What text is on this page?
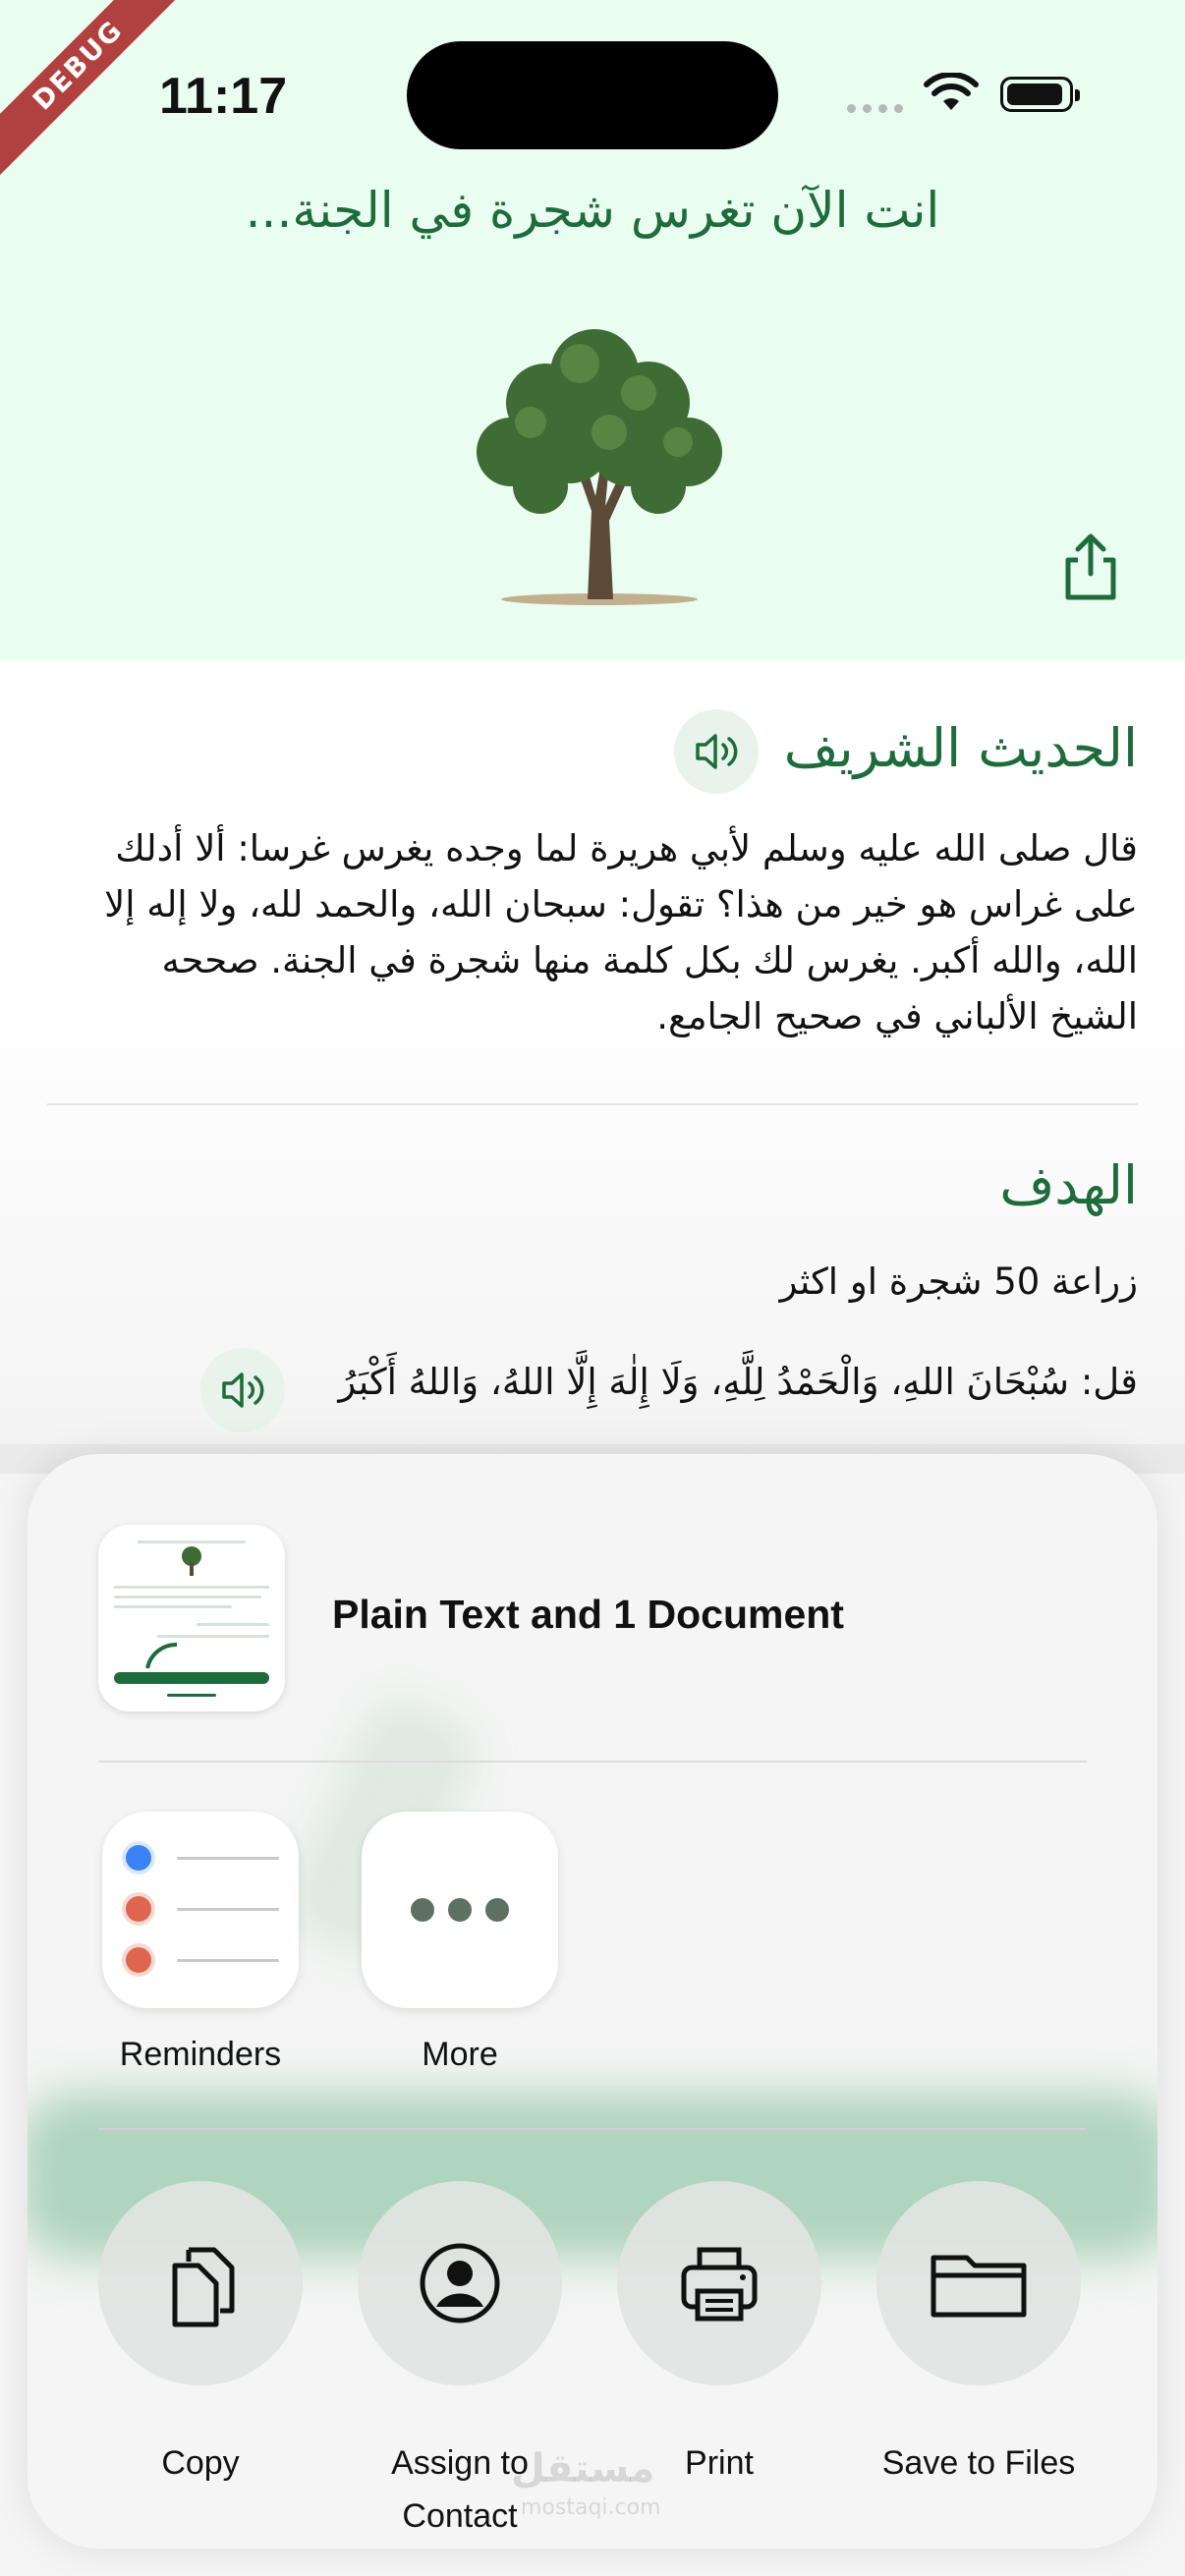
DEBUG 11:17
انت الآن تغرس شجرة في الجنة...
الحديث الشريف
قال صلى الله عليه وسلم لأبي هريرة لما وجده يغرس غرسا: ألا أدلك على غراس هو خير من هذا؟ تقول: سبحان الله، والحمد لله، ولا إله إلا الله، والله أكبر. يغرس لك بكل كلمة منها شجرة في الجنة. صححه الشيخ الألباني في صحيح الجامع.
الهدف
زراعة 50 شجرة او اكثر
قل: سُبْحَانَ اللهِ، وَالْحَمْدُ لِلَّهِ، وَلَا إِلٰهَ إِلَّا اللهُ، وَاللهُ أَكْبَرُ
Plain Text and 1 Document
Reminders	More
Copy	Assign to Contact
Print	Save to Files
مستقل
mostaqi.com
